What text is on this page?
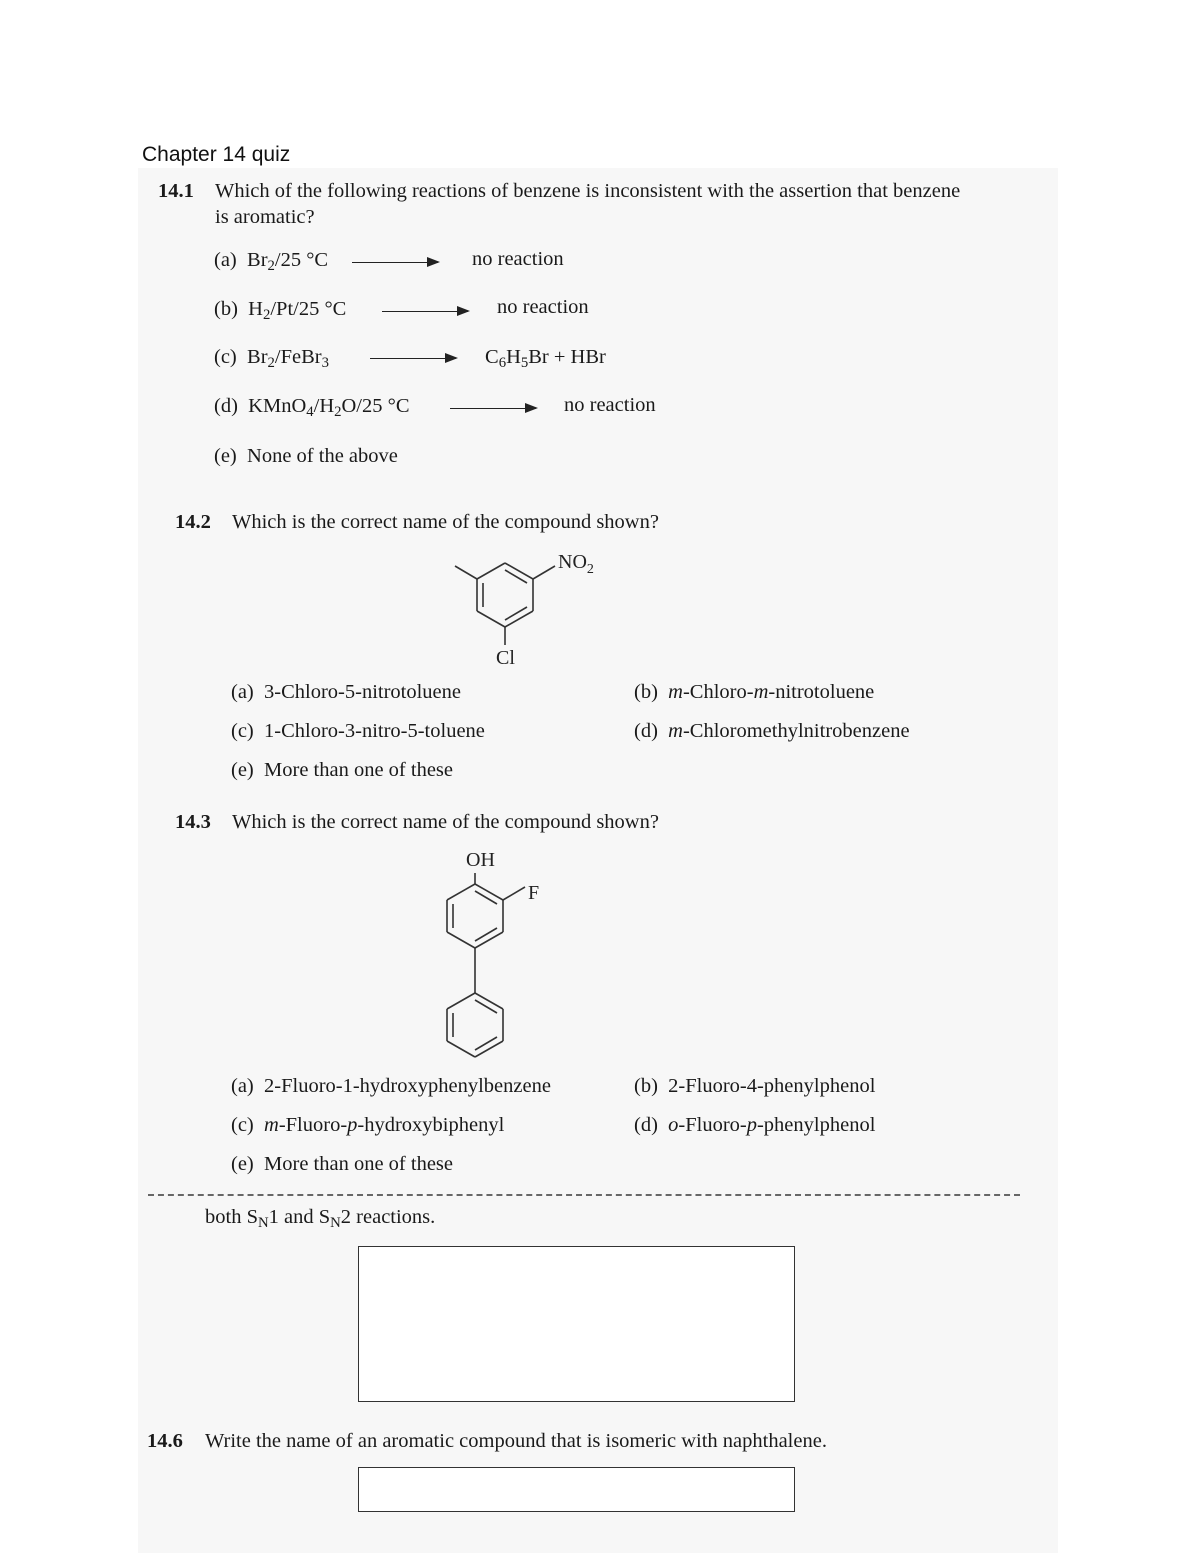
Chapter 14 quiz
14.1 Which of the following reactions of benzene is inconsistent with the assertion that benzene
is aromatic?
(a) $Br_2/25$ °C	no reaction
(b) $H_2/Pt/25$ °C	no reaction
(c) $Br_2/FeBr_3$	$C_6H_5Br$ + HBr
(d) $KMnO_4/H_2O/25$ °C	no reaction
(e) None of the above
14.2 Which is the correct name of the compound shown?
$NO_2$
Cl
(a) 3-Chloro-5-nitrotoluene	(b) m-Chloro-m-nitrotoluene
(c) 1-Chloro-3-nitro-5-toluene	(d) m-Chloromethylnitrobenzene
(e) More than one of these
14.3 Which is the correct name of the compound shown?
OH
F
(a) 2-Fluoro-1-hydroxyphenylbenzene	(b) 2-Fluoro-4-phenylphenol
(c) m-Fluoro-p-hydroxybiphenyl	(d) o-Fluoro-p-phenylphenol
(e) More than one of these
both $S_N1$ and $S_N2$ reactions.
14.6 Write the name of an aromatic compound that is isomeric with naphthalene.
